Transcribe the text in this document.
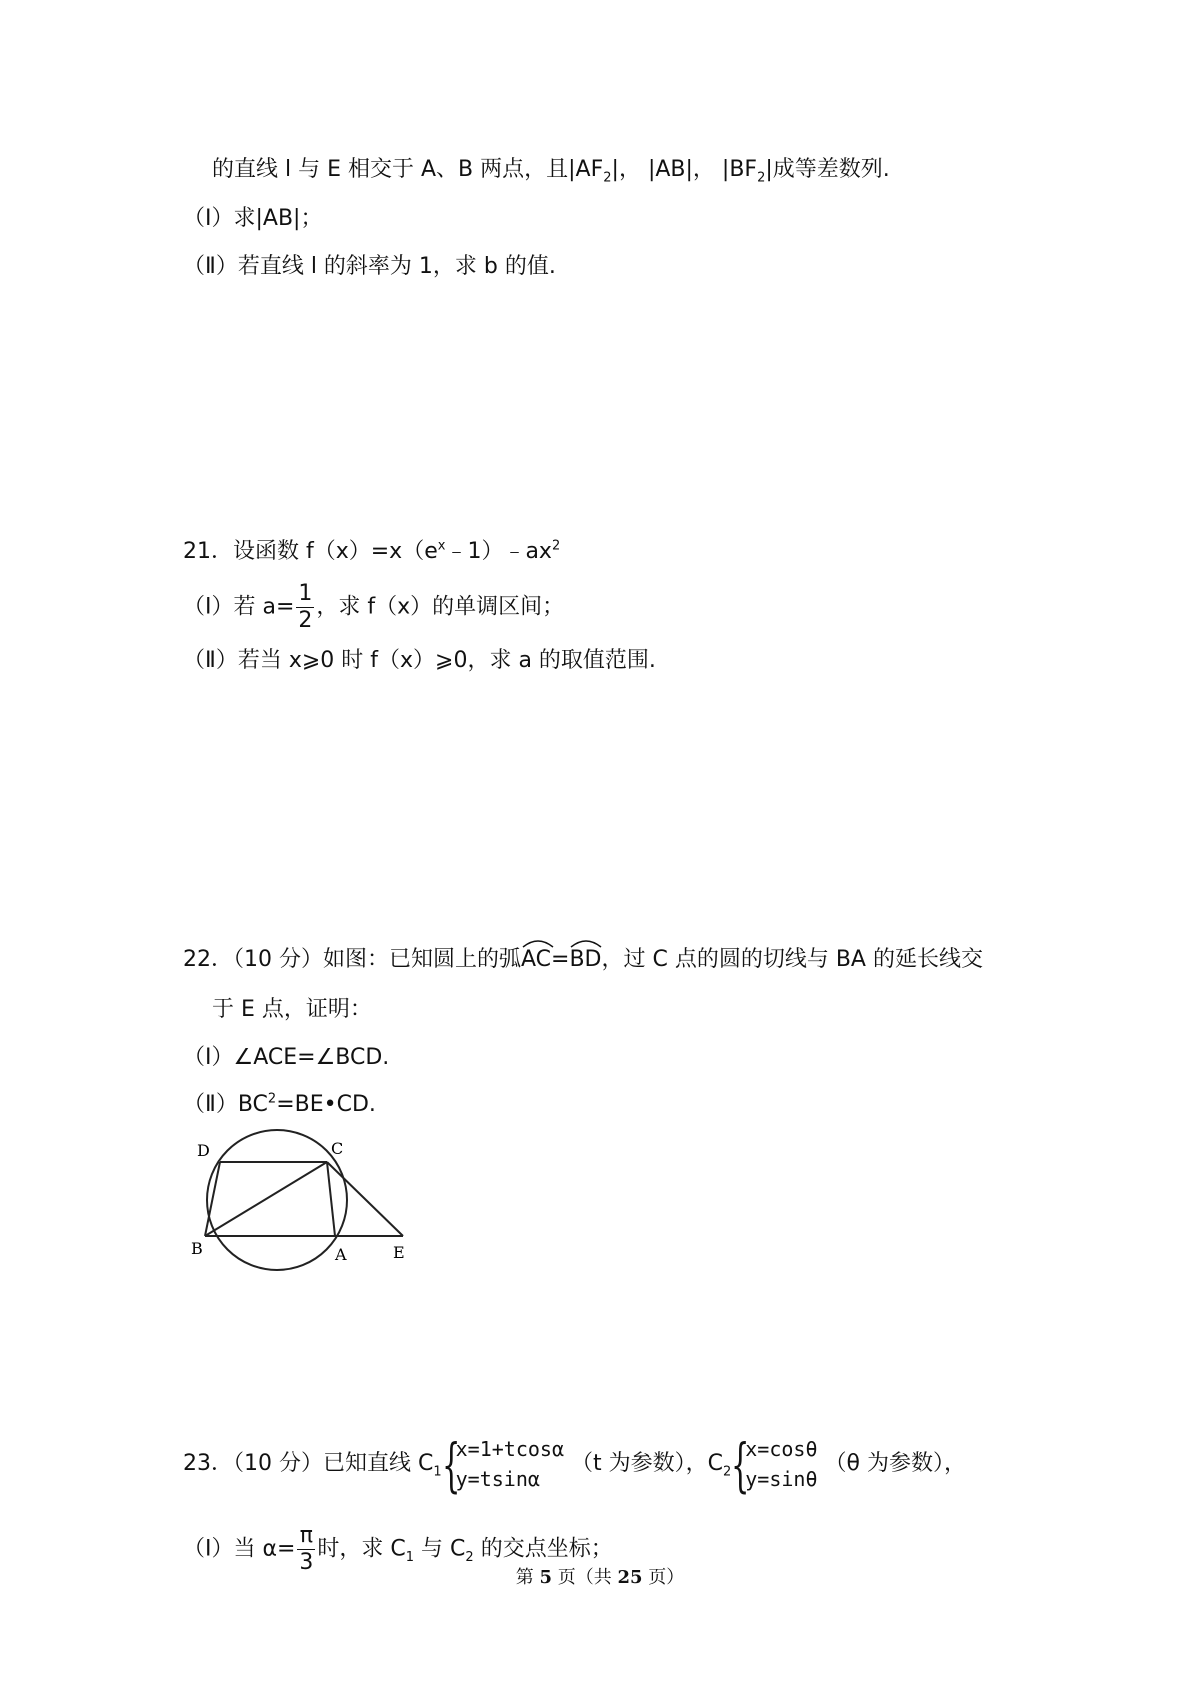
的直线 l 与 E 相交于 A、B 两点，且$|AF_2|$， |AB|， $|BF_2|$成等差数列.
（Ⅰ）求|AB|；
（Ⅱ）若直线 l 的斜率为 1，求 b 的值.
21．设函数 $f(x)=x(e^x﹣1)﹣ax^2$
（Ⅰ）若 $a= \frac{1}{2}$ ，求 f（x）的单调区间；
（Ⅱ）若当 x⩾0 时 f（x）⩾0，求 a 的取值范围.
22．（10 分）如图：已知圆上的弧
AC=
BD，过 C 点的圆的切线与 BA 的延长线交
于 E 点，证明：
（Ⅰ）∠ACE=∠BCD.
$(Ⅱ)BC^2=BE•CD$.
D	C
B	A	E
23．（10 分）已知直线 $C_1$ {
x=1+tcosα
y=tsinα
（t 为参数），$C_2$ {
x=cosθ
y=sinθ
（θ 为参数），
（Ⅰ）当 $\alpha= \frac{\pi}{3}$ 时，求 $C_1$ 与 $C_2$ 的交点坐标；
第 5 页（共 25 页）
